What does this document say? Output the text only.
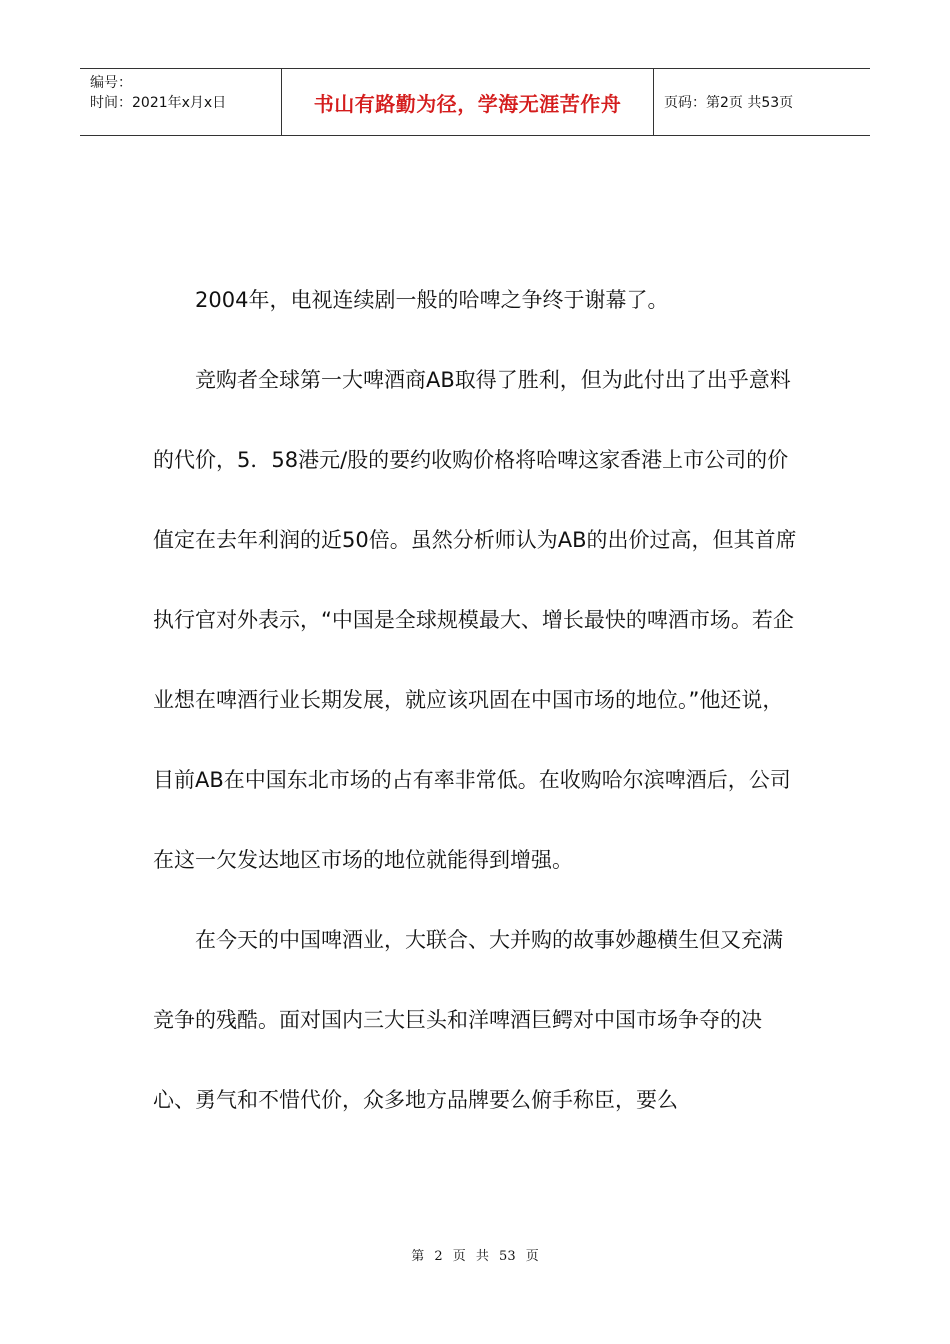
编号：
时间：2021年x月x日	书山有路勤为径，学海无涯苦作舟	页码：第2页 共53页

2004年，电视连续剧一般的哈啤之争终于谢幕了。

竞购者全球第一大啤酒商AB取得了胜利，但为此付出了出乎意料的代价，5．58港元/股的要约收购价格将哈啤这家香港上市公司的价值定在去年利润的近50倍。虽然分析师认为AB的出价过高，但其首席执行官对外表示，“中国是全球规模最大、增长最快的啤酒市场。若企业想在啤酒行业长期发展，就应该巩固在中国市场的地位。”他还说，目前AB在中国东北市场的占有率非常低。在收购哈尔滨啤酒后，公司在这一欠发达地区市场的地位就能得到增强。

在今天的中国啤酒业，大联合、大并购的故事妙趣横生但又充满竞争的残酷。面对国内三大巨头和洋啤酒巨鳄对中国市场争夺的决心、勇气和不惜代价，众多地方品牌要么俯手称臣，要么

第 2 页 共 53 页
